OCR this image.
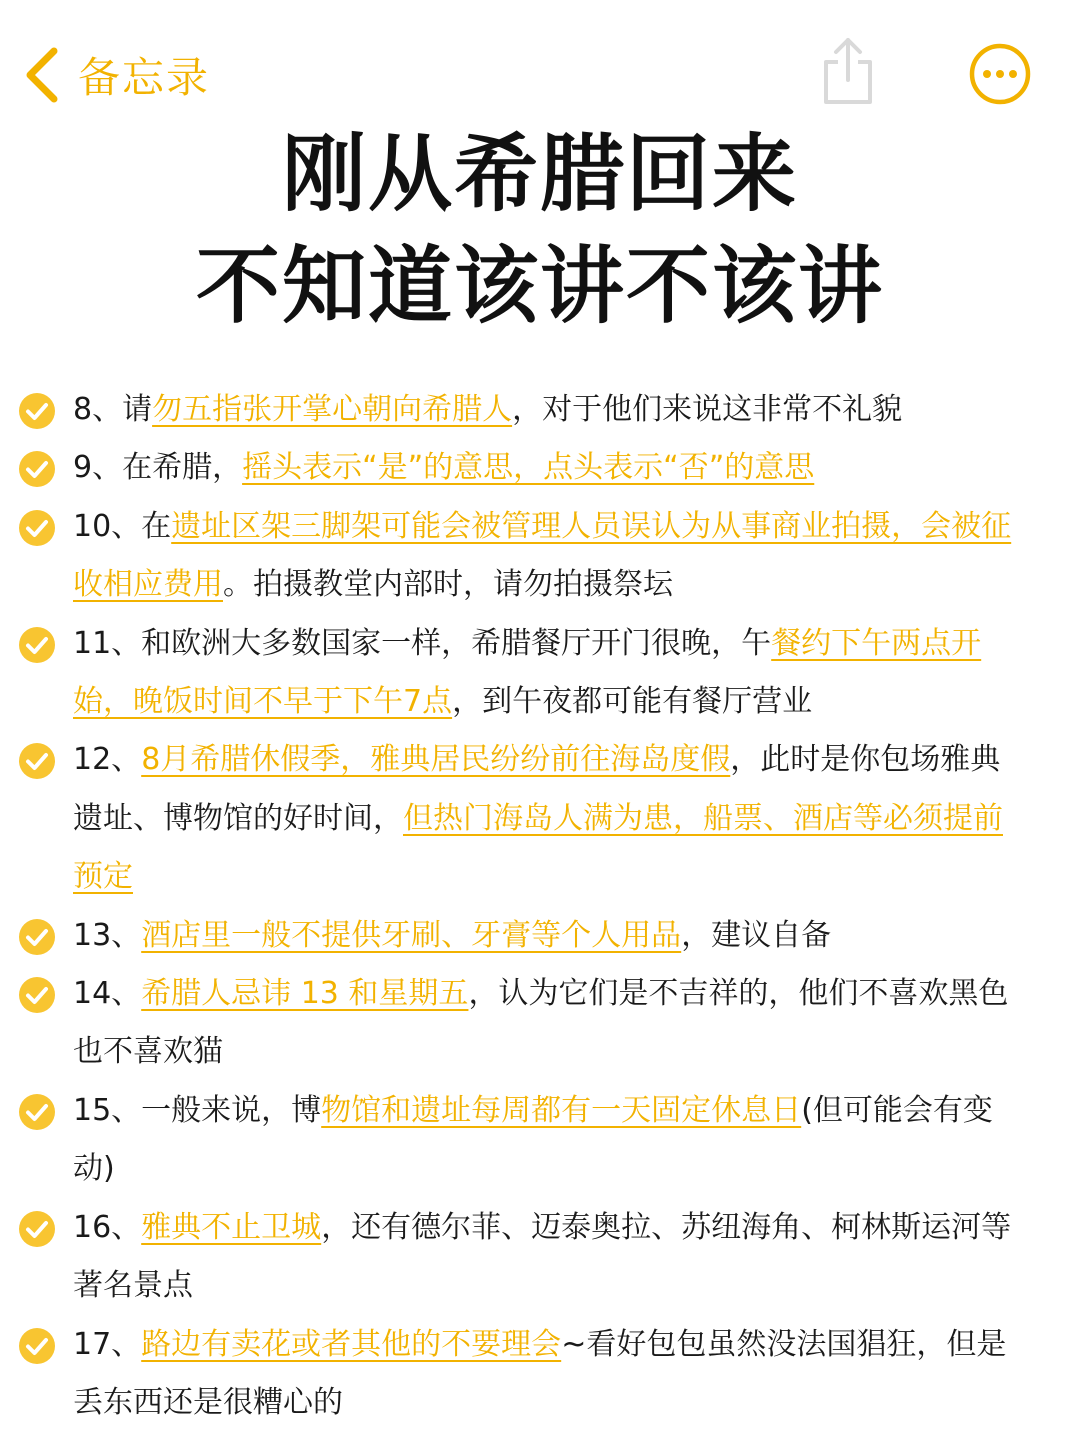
备忘录
刚从希腊回来
不知道该讲不该讲
8、请勿五指张开掌心朝向希腊人，对于他们来说这非常不礼貌
9、在希腊，摇头表示“是”的意思，点头表示“否”的意思
10、在遗址区架三脚架可能会被管理人员误认为从事商业拍摄，会被征收相应费用。拍摄教堂内部时，请勿拍摄祭坛
11、和欧洲大多数国家一样，希腊餐厅开门很晚，午餐约下午两点开始，晚饭时间不早于下午7点，到午夜都可能有餐厅营业
12、8月希腊休假季，雅典居民纷纷前往海岛度假，此时是你包场雅典遗址、博物馆的好时间，但热门海岛人满为患，船票、酒店等必须提前预定
13、酒店里一般不提供牙刷、牙膏等个人用品，建议自备
14、希腊人忌讳 13 和星期五，认为它们是不吉祥的，他们不喜欢黑色也不喜欢猫
15、一般来说，博物馆和遗址每周都有一天固定休息日(但可能会有变动)
16、雅典不止卫城，还有德尔菲、迈泰奥拉、苏纽海角、柯林斯运河等著名景点
17、路边有卖花或者其他的不要理会~看好包包虽然没法国猖狂，但是丢东西还是很糟心的
